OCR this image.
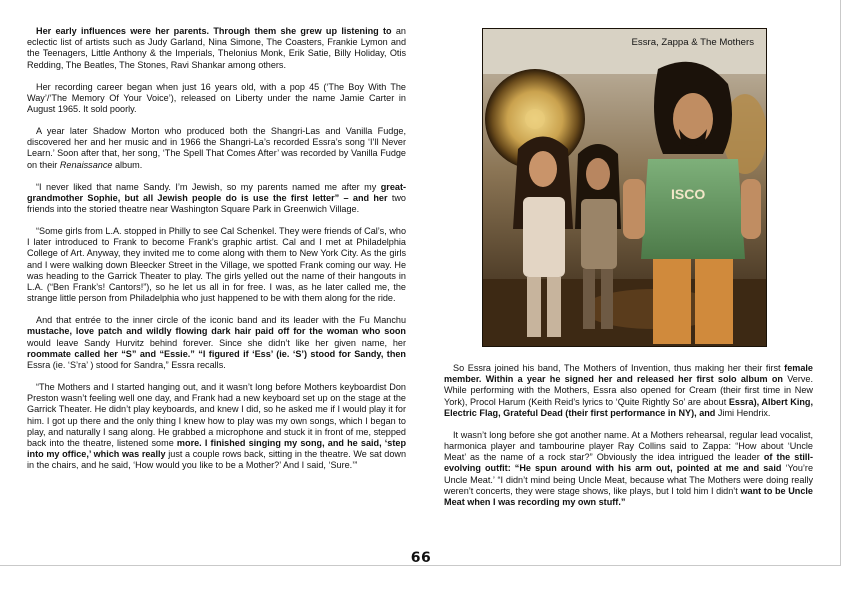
Her early influences were her parents. Through them she grew up listening to an eclectic list of artists such as Judy Garland, Nina Simone, The Coasters, Frankie Lymon and the Teenagers, Little Anthony & the Imperials, Thelonius Monk, Erik Satie, Billy Holiday, Otis Redding, The Beatles, The Stones, Ravi Shankar among others.

Her recording career began when just 16 years old, with a pop 45 (‘The Boy With The Way’/‘The Memory Of Your Voice’), released on Liberty under the name Jamie Carter in August 1965. It sold poorly.

A year later Shadow Morton who produced both the Shangri-Las and Vanilla Fudge, discovered her and her music and in 1966 the Shangri-La’s recorded Essra’s song ‘I’ll Never Learn.’ Soon after that, her song, ‘The Spell That Comes After’ was recorded by Vanilla Fudge on their Renaissance album.

“I never liked that name Sandy. I’m Jewish, so my parents named me after my great-grandmother Sophie, but all Jewish people do is use the first letter” – and her two friends into the storied theatre near Washington Square Park in Greenwich Village.

“Some girls from L.A. stopped in Philly to see Cal Schenkel. They were friends of Cal’s, who I later introduced to Frank to become Frank’s graphic artist. Cal and I met at Philadelphia College of Art. Anyway, they invited me to come along with them to New York City. As the girls and I were walking down Bleecker Street in the Village, we spotted Frank coming our way. He was heading to the Garrick Theater to play. The girls yelled out the name of their hangouts in L.A. (“Ben Frank’s! Cantors!”), so he let us all in for free. I was, as he later called me, the strange little person from Philadelphia who just happened to be with them along for the ride.

And that entrée to the inner circle of the iconic band and its leader with the Fu Manchu mustache, love patch and wildly flowing dark hair paid off for the woman who soon would leave Sandy Hurvitz behind forever. Since she didn’t like her given name, her roommate called her “S” and “Essie.” “I figured if ‘Ess’ (ie. ‘S’) stood for Sandy, then Essra (ie. ‘S’ra’ ) stood for Sandra,” Essra recalls.

“The Mothers and I started hanging out, and it wasn’t long before Mothers keyboardist Don Preston wasn’t feeling well one day, and Frank had a new keyboard set up on the stage at the Garrick Theater. He didn’t play keyboards, and knew I did, so he asked me if I would play it for him. I got up there and the only thing I knew how to play was my own songs, which I began to play, and naturally I sang along. He grabbed a microphone and stuck it in front of me, stepped back into the theatre, listened some more. I finished singing my song, and he said, ‘step into my office,’ which was really just a couple rows back, sitting in the theatre. We sat down in the chairs, and he said, ‘How would you like to be a Mother?’ And I said, ‘Sure.’”

ISCO
Essra, Zappa & The Mothers

So Essra joined his band, The Mothers of Invention, thus making her their first female member. Within a year he signed her and released her first solo album on Verve. While performing with the Mothers, Essra also opened for Cream (their first time in New York), Procol Harum (Keith Reid’s lyrics to ‘Quite Rightly So’ are about Essra), Albert King, Electric Flag, Grateful Dead (their first performance in NY), and Jimi Hendrix.

It wasn’t long before she got another name. At a Mothers rehearsal, regular lead vocalist, harmonica player and tambourine player Ray Collins said to Zappa: “How about ‘Uncle Meat’ as the name of a rock star?” Obviously the idea intrigued the leader of the still-evolving outfit: “He spun around with his arm out, pointed at me and said ‘You’re Uncle Meat.’ “I didn’t mind being Uncle Meat, because what The Mothers were doing really weren’t concerts, they were stage shows, like plays, but I told him I didn’t want to be Uncle Meat when I was recording my own stuff.”

66
